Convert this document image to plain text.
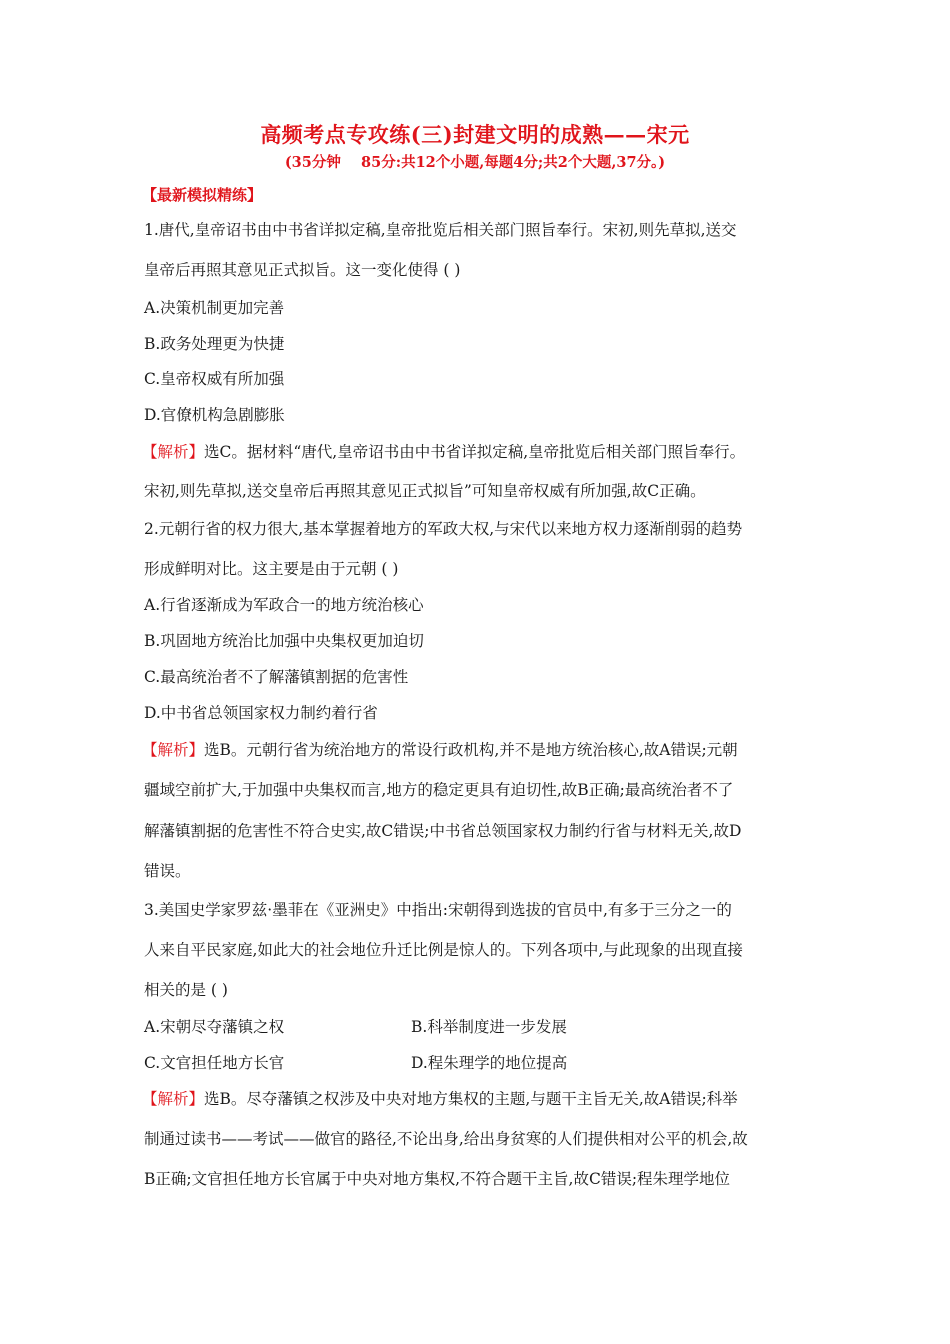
高频考点专攻练(三)封建文明的成熟——宋元
(35分钟    85分:共12个小题,每题4分;共2个大题,37分。)
【最新模拟精练】
1.唐代,皇帝诏书由中书省详拟定稿,皇帝批览后相关部门照旨奉行。宋初,则先草拟,送交
皇帝后再照其意见正式拟旨。这一变化使得 ( )
A.决策机制更加完善
B.政务处理更为快捷
C.皇帝权威有所加强
D.官僚机构急剧膨胀
【解析】选C。据材料“唐代,皇帝诏书由中书省详拟定稿,皇帝批览后相关部门照旨奉行。
宋初,则先草拟,送交皇帝后再照其意见正式拟旨”可知皇帝权威有所加强,故C正确。
2.元朝行省的权力很大,基本掌握着地方的军政大权,与宋代以来地方权力逐渐削弱的趋势
形成鲜明对比。这主要是由于元朝 ( )
A.行省逐渐成为军政合一的地方统治核心
B.巩固地方统治比加强中央集权更加迫切
C.最高统治者不了解藩镇割据的危害性
D.中书省总领国家权力制约着行省
【解析】选B。元朝行省为统治地方的常设行政机构,并不是地方统治核心,故A错误;元朝
疆域空前扩大,于加强中央集权而言,地方的稳定更具有迫切性,故B正确;最高统治者不了
解藩镇割据的危害性不符合史实,故C错误;中书省总领国家权力制约行省与材料无关,故D
错误。
3.美国史学家罗兹·墨菲在《亚洲史》中指出:宋朝得到选拔的官员中,有多于三分之一的
人来自平民家庭,如此大的社会地位升迁比例是惊人的。下列各项中,与此现象的出现直接
相关的是 ( )
A.宋朝尽夺藩镇之权	B.科举制度进一步发展
C.文官担任地方长官	D.程朱理学的地位提高
【解析】选B。尽夺藩镇之权涉及中央对地方集权的主题,与题干主旨无关,故A错误;科举
制通过读书——考试——做官的路径,不论出身,给出身贫寒的人们提供相对公平的机会,故
B正确;文官担任地方长官属于中央对地方集权,不符合题干主旨,故C错误;程朱理学地位
